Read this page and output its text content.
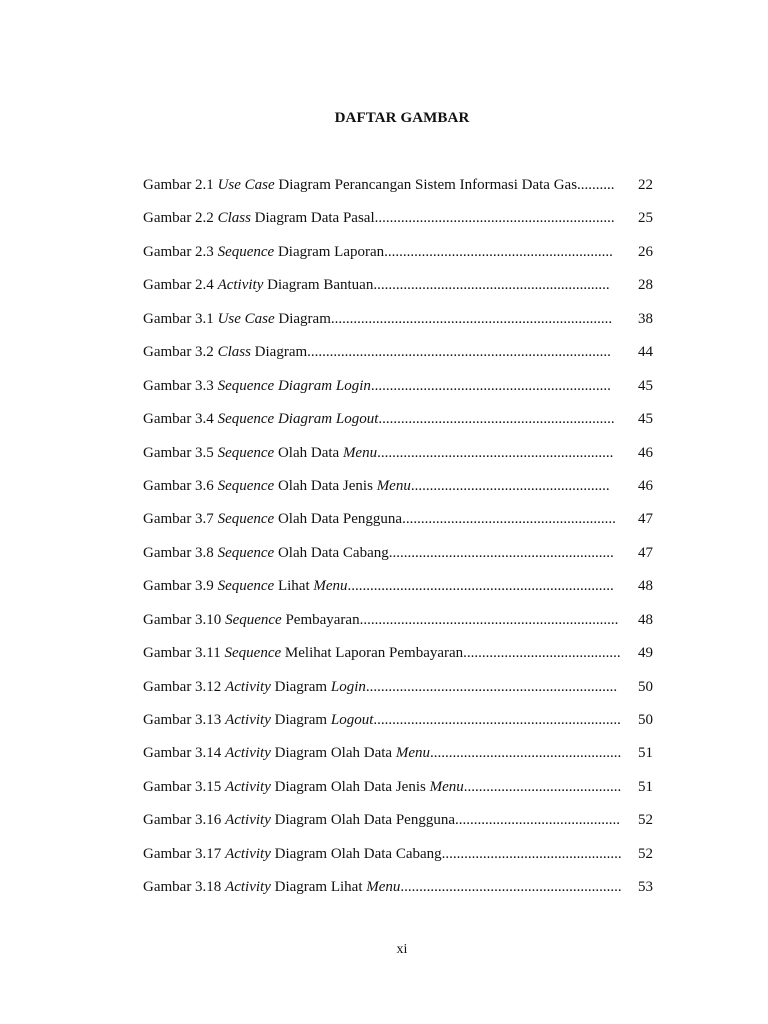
DAFTAR GAMBAR
Gambar 2.1 Use Case Diagram Perancangan Sistem Informasi Data Gas.......... 22
Gambar 2.2 Class Diagram Data Pasal................................................................ 25
Gambar 2.3 Sequence Diagram Laporan............................................................. 26
Gambar 2.4 Activity Diagram Bantuan............................................................... 28
Gambar 3.1 Use Case Diagram........................................................................... 38
Gambar 3.2 Class Diagram................................................................................. 44
Gambar 3.3 Sequence Diagram Login................................................................ 45
Gambar 3.4 Sequence Diagram Logout............................................................... 45
Gambar 3.5 Sequence Olah Data Menu............................................................... 46
Gambar 3.6 Sequence Olah Data Jenis Menu..................................................... 46
Gambar 3.7 Sequence Olah Data Pengguna......................................................... 47
Gambar 3.8 Sequence Olah Data Cabang............................................................ 47
Gambar 3.9 Sequence Lihat Menu....................................................................... 48
Gambar 3.10 Sequence Pembayaran..................................................................... 48
Gambar 3.11 Sequence Melihat Laporan Pembayaran.......................................... 49
Gambar 3.12 Activity Diagram Login................................................................... 50
Gambar 3.13 Activity Diagram Logout.................................................................. 50
Gambar 3.14 Activity Diagram Olah Data Menu................................................... 51
Gambar 3.15 Activity Diagram Olah Data Jenis Menu.......................................... 51
Gambar 3.16 Activity Diagram Olah Data Pengguna............................................ 52
Gambar 3.17 Activity Diagram Olah Data Cabang................................................ 52
Gambar 3.18 Activity Diagram Lihat Menu........................................................... 53
xi
